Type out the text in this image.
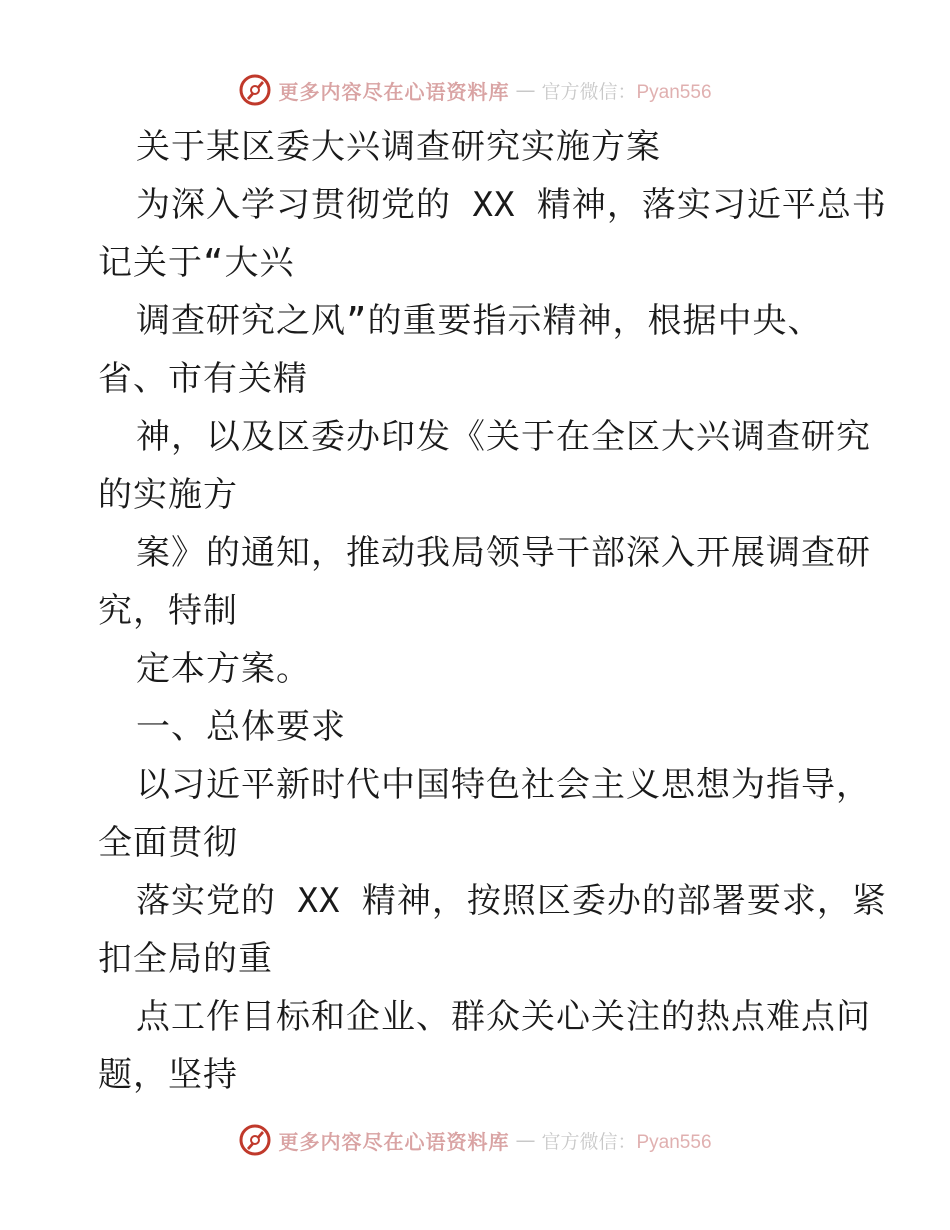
更多内容尽在心语资料库 — 官方微信：Pyan556
关于某区委大兴调查研究实施方案
为深入学习贯彻党的 XX 精神，落实习近平总书
记关于“大兴
调查研究之风”的重要指示精神，根据中央、
省、市有关精
神，以及区委办印发《关于在全区大兴调查研究
的实施方
案》的通知，推动我局领导干部深入开展调查研
究，特制
定本方案。
一、总体要求
以习近平新时代中国特色社会主义思想为指导，
全面贯彻
落实党的 XX 精神，按照区委办的部署要求，紧
扣全局的重
点工作目标和企业、群众关心关注的热点难点问
题，坚持
更多内容尽在心语资料库 — 官方微信：Pyan556
